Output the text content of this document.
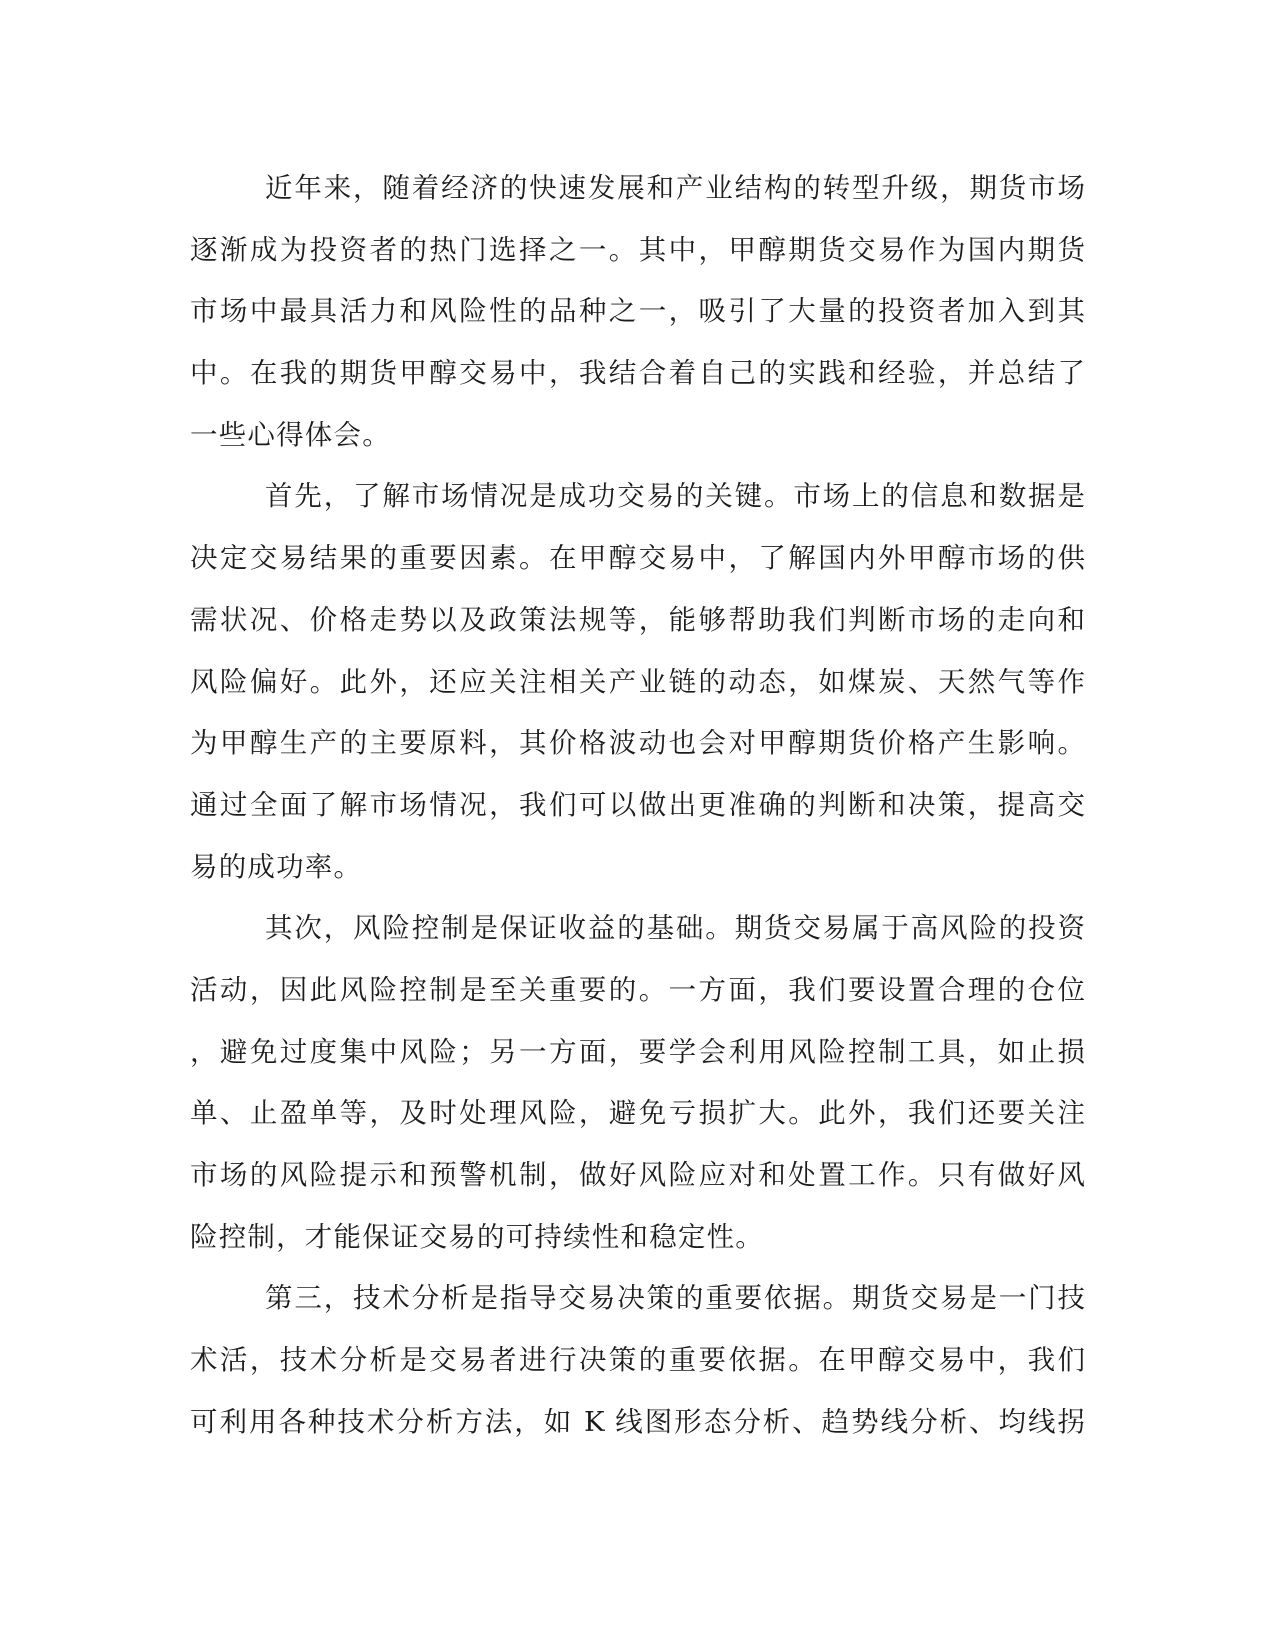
近年来，随着经济的快速发展和产业结构的转型升级，期货市场
逐渐成为投资者的热门选择之一。其中，甲醇期货交易作为国内期货
市场中最具活力和风险性的品种之一，吸引了大量的投资者加入到其
中。在我的期货甲醇交易中，我结合着自己的实践和经验，并总结了
一些心得体会。
首先，了解市场情况是成功交易的关键。市场上的信息和数据是
决定交易结果的重要因素。在甲醇交易中，了解国内外甲醇市场的供
需状况、价格走势以及政策法规等，能够帮助我们判断市场的走向和
风险偏好。此外，还应关注相关产业链的动态，如煤炭、天然气等作
为甲醇生产的主要原料，其价格波动也会对甲醇期货价格产生影响。
通过全面了解市场情况，我们可以做出更准确的判断和决策，提高交
易的成功率。
其次，风险控制是保证收益的基础。期货交易属于高风险的投资
活动，因此风险控制是至关重要的。一方面，我们要设置合理的仓位
，避免过度集中风险；另一方面，要学会利用风险控制工具，如止损
单、止盈单等，及时处理风险，避免亏损扩大。此外，我们还要关注
市场的风险提示和预警机制，做好风险应对和处置工作。只有做好风
险控制，才能保证交易的可持续性和稳定性。
第三，技术分析是指导交易决策的重要依据。期货交易是一门技
术活，技术分析是交易者进行决策的重要依据。在甲醇交易中，我们
可利用各种技术分析方法，如 K 线图形态分析、趋势线分析、均线拐
